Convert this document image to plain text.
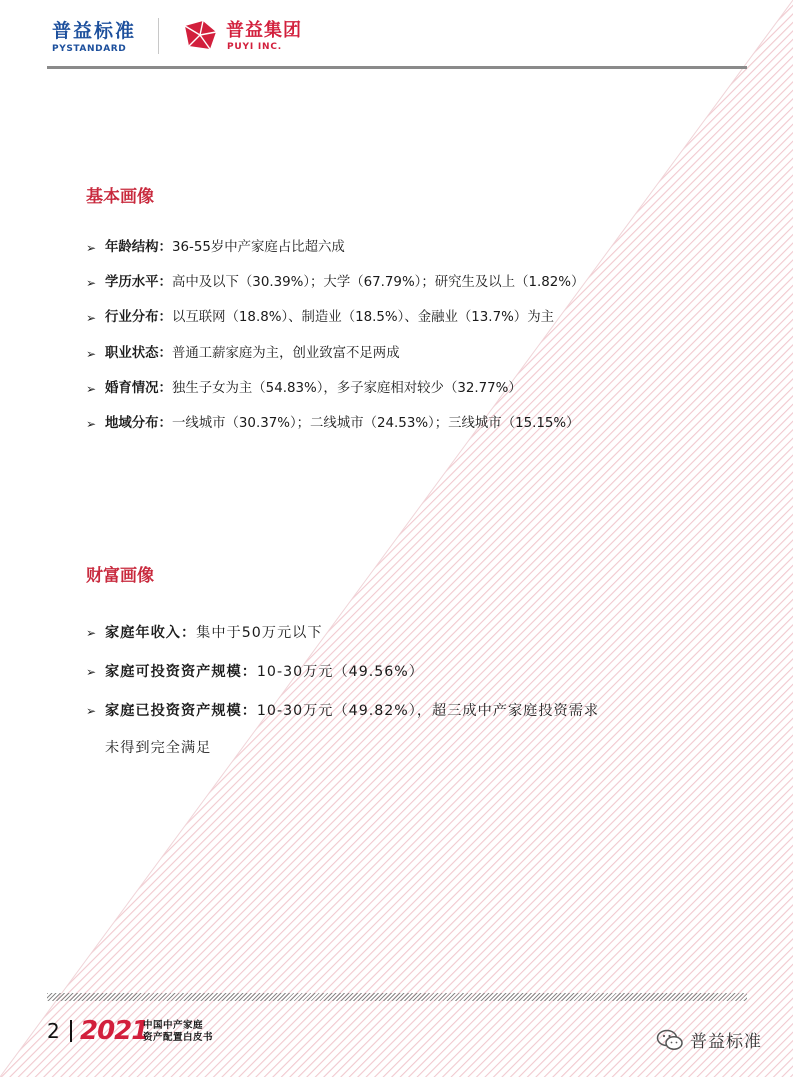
普益标准
PYSTANDARD
普益集团
PUYI INC.
基本画像
➢ 年龄结构：36-55岁中产家庭占比超六成
➢ 学历水平：高中及以下（30.39%）；大学（67.79%）；研究生及以上（1.82%）
➢ 行业分布：以互联网（18.8%）、制造业（18.5%）、金融业（13.7%）为主
➢ 职业状态：普通工薪家庭为主，创业致富不足两成
➢ 婚育情况：独生子女为主（54.83%），多子家庭相对较少（32.77%）
➢ 地域分布：一线城市（30.37%）；二线城市（24.53%）；三线城市（15.15%）
财富画像
➢ 家庭年收入：集中于50万元以下
➢ 家庭可投资资产规模：10-30万元（49.56%）
➢ 家庭已投资资产规模：10-30万元（49.82%），超三成中产家庭投资需求
未得到完全满足
2 2021
中国中产家庭
资产配置白皮书	普益标准
